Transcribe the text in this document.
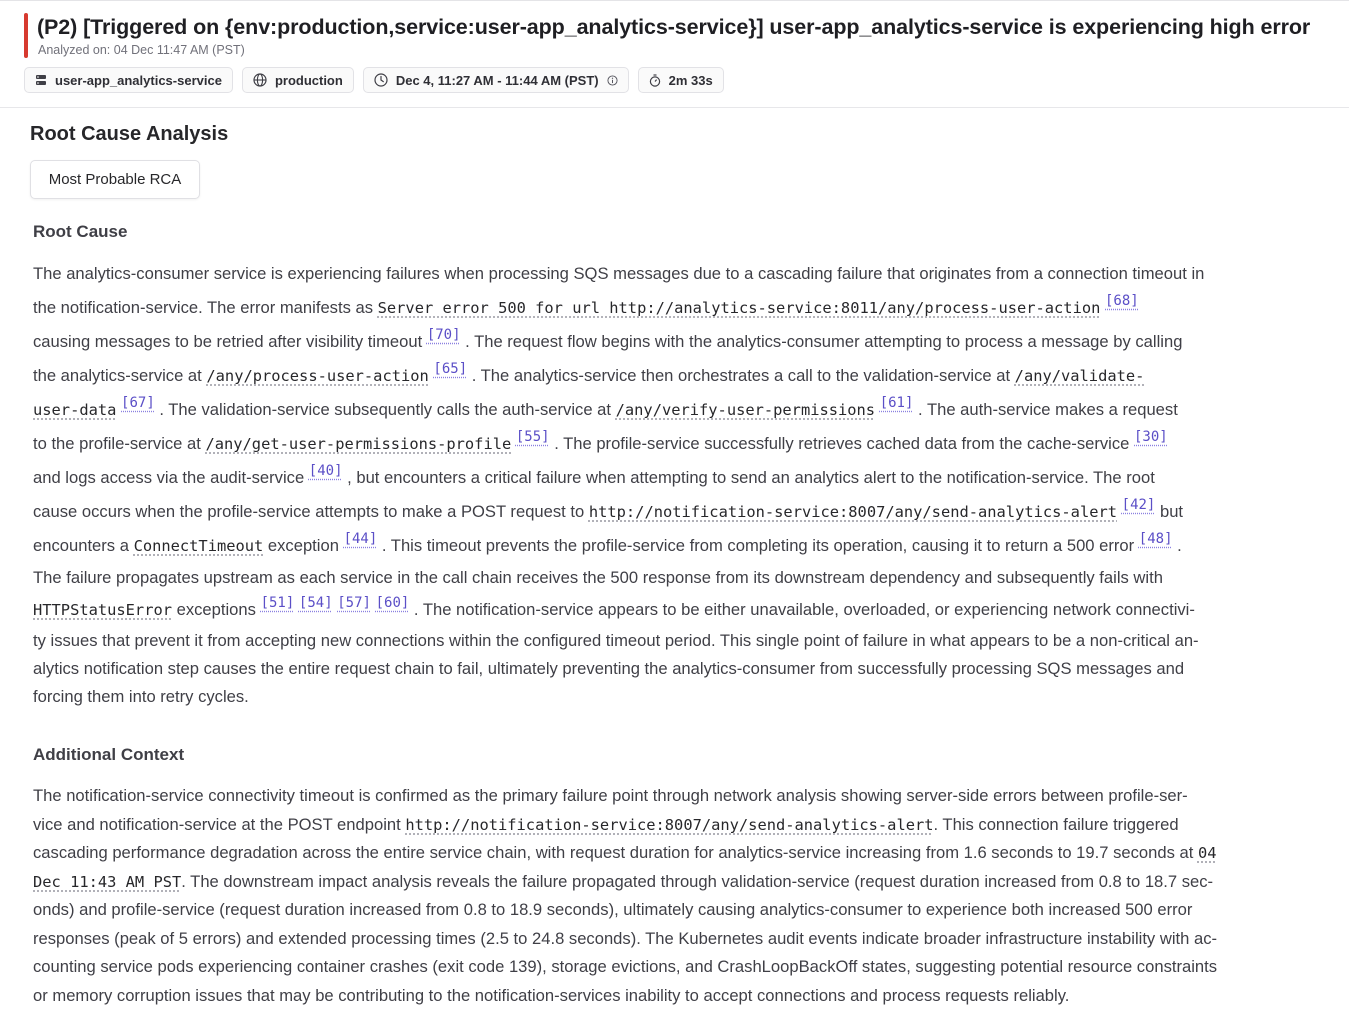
(P2) [Triggered on {env:production,service:user-app_analytics-service}] user-app_analytics-service is experiencing high error
Analyzed on: 04 Dec 11:47 AM (PST)
user-app_analytics-service	production	Dec 4, 11:27 AM - 11:44 AM (PST)	2m 33s
Root Cause Analysis
Most Probable RCA
Root Cause
The analytics-consumer service is experiencing failures when processing SQS messages due to a cascading failure that originates from a connection timeout in
the notification-service. The error manifests as Server error 500 for url http://analytics-service:8011/any/process-user-action [68]
causing messages to be retried after visibility timeout [70] . The request flow begins with the analytics-consumer attempting to process a message by calling
the analytics-service at /any/process-user-action [65] . The analytics-service then orchestrates a call to the validation-service at /any/validate-
user-data [67] . The validation-service subsequently calls the auth-service at /any/verify-user-permissions [61] . The auth-service makes a request
to the profile-service at /any/get-user-permissions-profile [55] . The profile-service successfully retrieves cached data from the cache-service [30]
and logs access via the audit-service [40] , but encounters a critical failure when attempting to send an analytics alert to the notification-service. The root
cause occurs when the profile-service attempts to make a POST request to http://notification-service:8007/any/send-analytics-alert [42] but
encounters a ConnectTimeout exception [44] . This timeout prevents the profile-service from completing its operation, causing it to return a 500 error [48] .
The failure propagates upstream as each service in the call chain receives the 500 response from its downstream dependency and subsequently fails with
HTTPStatusError exceptions [51] [54] [57] [60] . The notification-service appears to be either unavailable, overloaded, or experiencing network connectivi-
ty issues that prevent it from accepting new connections within the configured timeout period. This single point of failure in what appears to be a non-critical an-
alytics notification step causes the entire request chain to fail, ultimately preventing the analytics-consumer from successfully processing SQS messages and
forcing them into retry cycles.
Additional Context
The notification-service connectivity timeout is confirmed as the primary failure point through network analysis showing server-side errors between profile-ser-
vice and notification-service at the POST endpoint http://notification-service:8007/any/send-analytics-alert. This connection failure triggered
cascading performance degradation across the entire service chain, with request duration for analytics-service increasing from 1.6 seconds to 19.7 seconds at 04
Dec 11:43 AM PST. The downstream impact analysis reveals the failure propagated through validation-service (request duration increased from 0.8 to 18.7 sec-
onds) and profile-service (request duration increased from 0.8 to 18.9 seconds), ultimately causing analytics-consumer to experience both increased 500 error
responses (peak of 5 errors) and extended processing times (2.5 to 24.8 seconds). The Kubernetes audit events indicate broader infrastructure instability with ac-
counting service pods experiencing container crashes (exit code 139), storage evictions, and CrashLoopBackOff states, suggesting potential resource constraints
or memory corruption issues that may be contributing to the notification-services inability to accept connections and process requests reliably.
